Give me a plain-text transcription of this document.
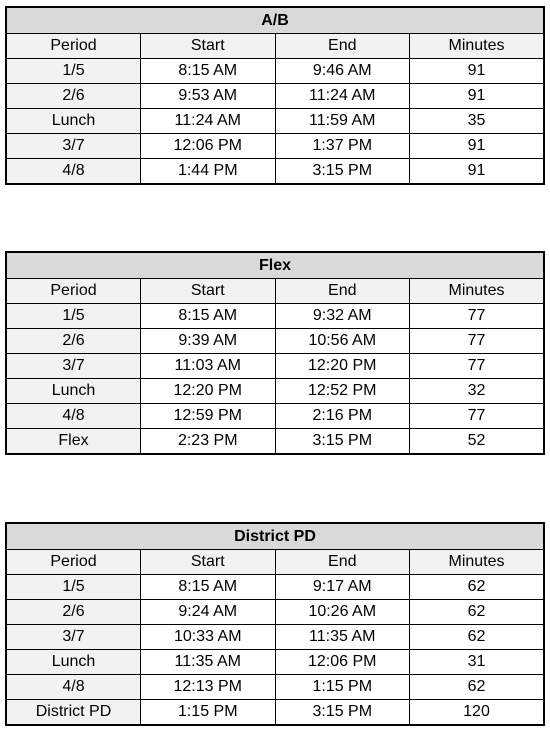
A/B			
Period	Start	End	Minutes
1/5	8:15 AM	9:46 AM	91
2/6	9:53 AM	11:24 AM	91
Lunch	11:24 AM	11:59 AM	35
3/7	12:06 PM	1:37 PM	91
4/8	1:44 PM	3:15 PM	91
Flex			
Period	Start	End	Minutes
1/5	8:15 AM	9:32 AM	77
2/6	9:39 AM	10:56 AM	77
3/7	11:03 AM	12:20 PM	77
Lunch	12:20 PM	12:52 PM	32
4/8	12:59 PM	2:16 PM	77
Flex	2:23 PM	3:15 PM	52
District PD			
Period	Start	End	Minutes
1/5	8:15 AM	9:17 AM	62
2/6	9:24 AM	10:26 AM	62
3/7	10:33 AM	11:35 AM	62
Lunch	11:35 AM	12:06 PM	31
4/8	12:13 PM	1:15 PM	62
District PD	1:15 PM	3:15 PM	120
